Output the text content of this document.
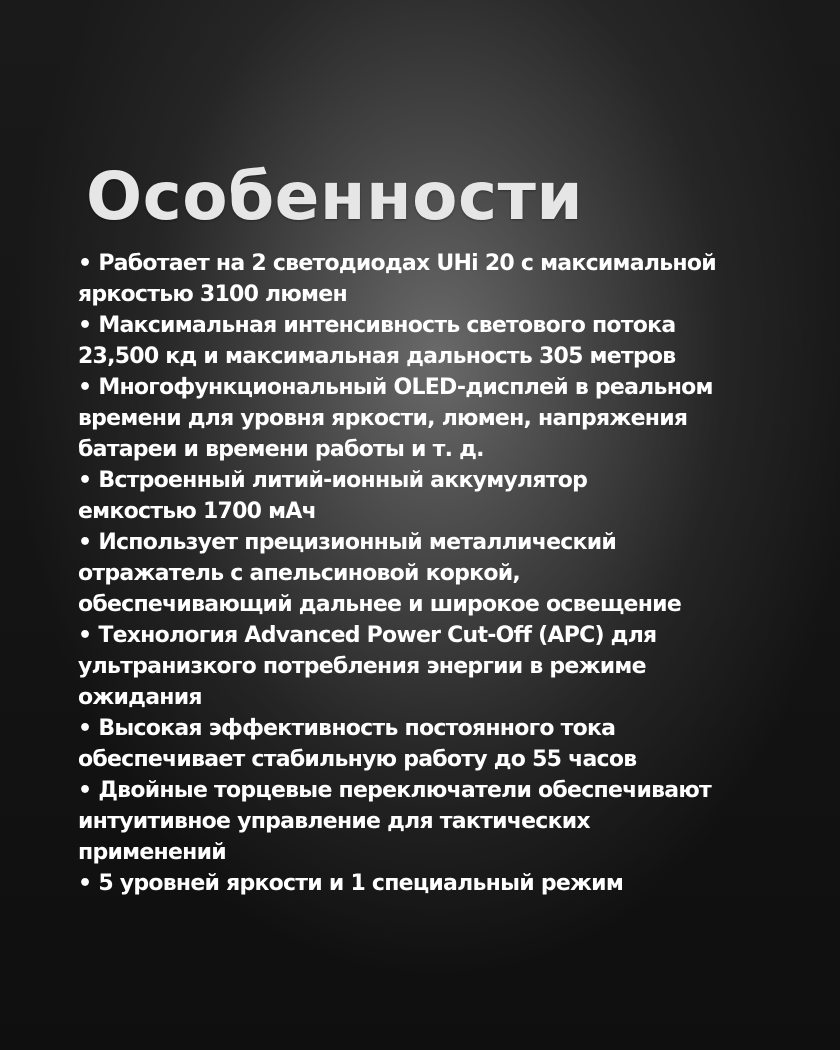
Особенности
• Работает на 2 светодиодах UHi 20 с максимальной
яркостью 3100 люмен
• Максимальная интенсивность светового потока
23,500 кд и максимальная дальность 305 метров
• Многофункциональный OLED-дисплей в реальном
времени для уровня яркости, люмен, напряжения
батареи и времени работы и т. д.
• Встроенный литий-ионный аккумулятор
емкостью 1700 мАч
• Использует прецизионный металлический
отражатель с апельсиновой коркой,
обеспечивающий дальнее и широкое освещение
• Технология Advanced Power Cut-Off (APC) для
ультранизкого потребления энергии в режиме
ожидания
• Высокая эффективность постоянного тока
обеспечивает стабильную работу до 55 часов
• Двойные торцевые переключатели обеспечивают
интуитивное управление для тактических
применений
• 5 уровней яркости и 1 специальный режим
